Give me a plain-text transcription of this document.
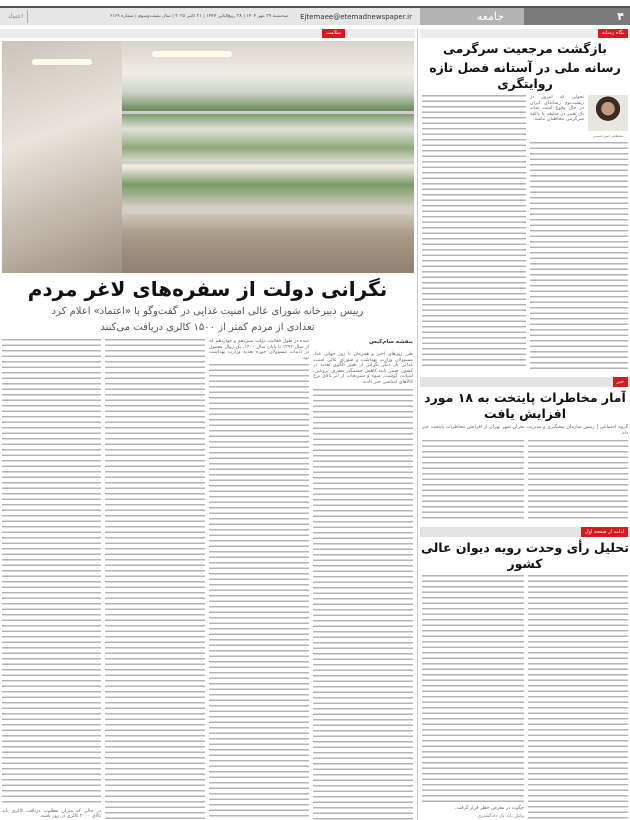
۴
جامعه
Ejtemaee@etemadnewspaper.ir
سه‌شنبه ۲۹ مهر ۱۴۰۴ | ۲۸ ربیع‌الثانی ۱۴۴۷ | ۲۱ اکتبر ۲۰۲۵ | سال بیست‌وسوم | شماره ۶۱۶۹
اعتماد
سلامت
نگرانی دولت از سفره‌های لاغر مردم
رییس دبیرخانه شورای عالی امنیت غذایی در گفت‌وگو با «اعتماد» اعلام کرد
تعدادی از مردم کمتر از ۱۵۰۰ کالری دریافت می‌کنند
بنفشه سام‌گیس
طی روزهای اخیر و همزمان با روز جهانی غذا، مسوولان وزارت بهداشت و شورای عالی امنیت غذایی بار دیگر نگرانی از تغییر الگوی تغذیه در کشور، ضمن تایید کاهش چشمگیر مصرف پروتئین، لبنیات، گوشت، میوه و سبزیجات از اثر بالای نرخ کالاهای اساسی خبر دادند.
شده در طول فعالیت دولت سیزدهم و چهاردهم که از سال ۱۳۹۲ تا پایان سال ۱۴۰۰، یک روال معمول در ادبیات مسوولان حوزه تغذیه وزارت بهداشت بود.
در حالی که میزان مطلوب دریافت کالری باید بالای ۲۰۰۰ کالری در روز باشد.
نگاه رسانه
بازگشت مرجعیت سرگرمی
رسانه ملی در آستانه فصل تازه روایتگری
مصطفی امین‌حسینی
تحولی که امروز در زیست‌بوم رسانه‌ای ایران در حال وقوع است شاید یک تغییر در سلیقه یا ذائقه سرگرمی مخاطبان نباشد.
خبر
آمار مخاطرات پایتخت به ۱۸ مورد افزایش یافت
گروه اجتماعی | رییس سازمان پیشگیری و مدیریت بحران شهر تهران از افزایش مخاطرات پایتخت خبر داد.
ادامه از صفحه اول
تحلیل رأی وحدت رویه دیوان عالی کشور
چگونه در معرض خطر قرار گرفت.
وکیل پایه یک دادگستری
